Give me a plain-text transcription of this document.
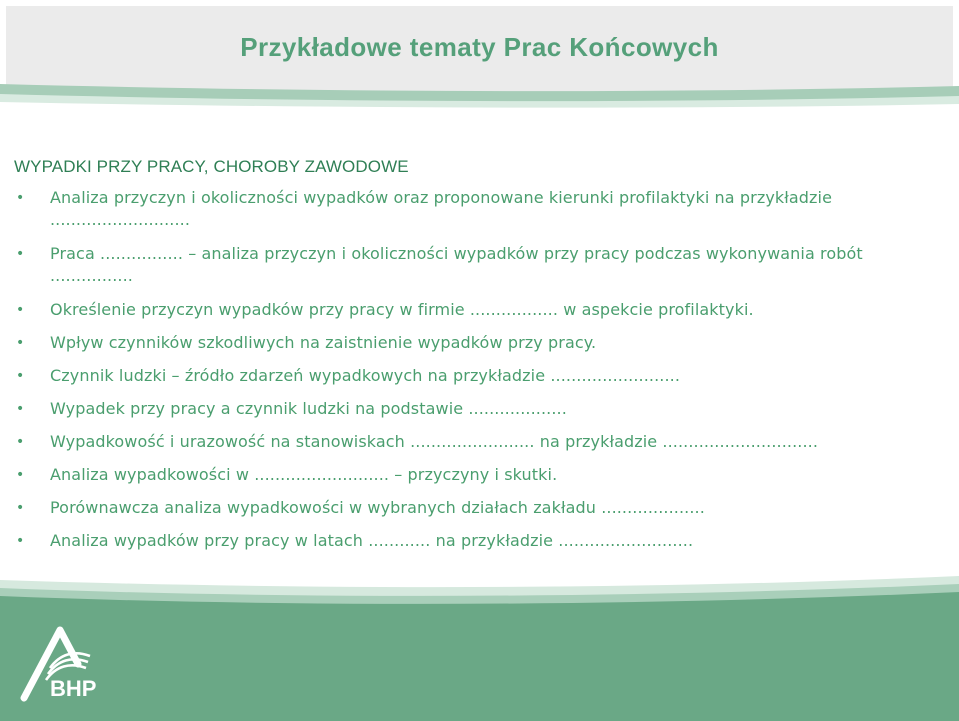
Przykładowe tematy Prac Końcowych

WYPADKI PRZY PRACY, CHOROBY ZAWODOWE

• Analiza przyczyn i okoliczności wypadków oraz proponowane kierunki profilaktyki na przykładzie ...........................
• Praca ................ – analiza przyczyn i okoliczności wypadków przy pracy podczas wykonywania robót ................
• Określenie przyczyn wypadków przy pracy w firmie ................. w aspekcie profilaktyki.
• Wpływ czynników szkodliwych na zaistnienie wypadków przy pracy.
• Czynnik ludzki – źródło zdarzeń wypadkowych na przykładzie .........................
• Wypadek przy pracy a czynnik ludzki na podstawie ...................
• Wypadkowość i urazowość na stanowiskach ........................ na przykładzie ..............................
• Analiza wypadkowości w .......................... – przyczyny i skutki.
• Porównawcza analiza wypadkowości w wybranych działach zakładu ....................
• Analiza wypadków przy pracy w latach ............ na przykładzie ..........................
BHP
